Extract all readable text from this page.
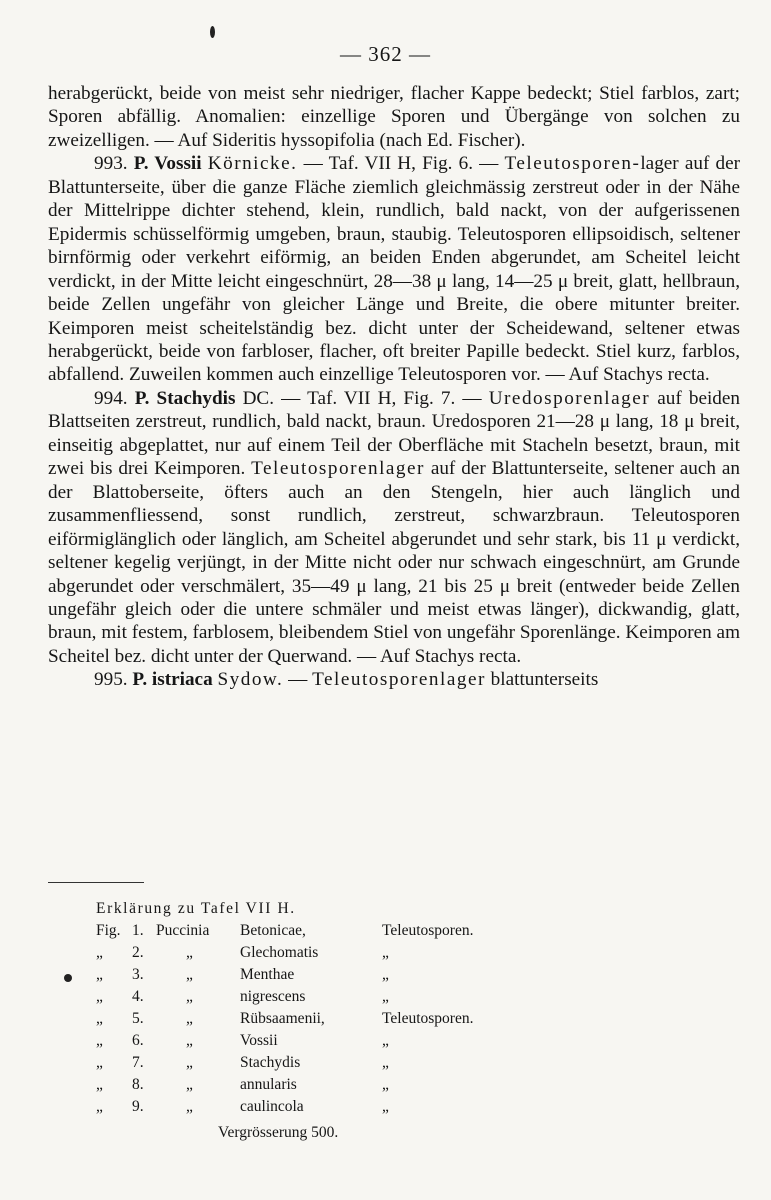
— 362 —

herabgerückt, beide von meist sehr niedriger, flacher Kappe bedeckt; Stiel farblos, zart; Sporen abfällig. Anomalien: einzellige Sporen und Übergänge von solchen zu zweizelligen. — Auf Sideritis hyssopifolia (nach Ed. Fischer).

993. P. Vossii Körnicke. — Taf. VII H, Fig. 6. — Teleutosporen-lager auf der Blattunterseite, über die ganze Fläche ziemlich gleichmässig zerstreut oder in der Nähe der Mittelrippe dichter stehend, klein, rundlich, bald nackt, von der aufgerissenen Epidermis schüsselförmig umgeben, braun, staubig. Teleutosporen ellipsoidisch, seltener birnförmig oder verkehrt eiförmig, an beiden Enden abgerundet, am Scheitel leicht verdickt, in der Mitte leicht eingeschnürt, 28—38 μ lang, 14—25 μ breit, glatt, hellbraun, beide Zellen ungefähr von gleicher Länge und Breite, die obere mitunter breiter. Keimporen meist scheitelständig bez. dicht unter der Scheidewand, seltener etwas herabgerückt, beide von farbloser, flacher, oft breiter Papille bedeckt. Stiel kurz, farblos, abfallend. Zuweilen kommen auch einzellige Teleutosporen vor. — Auf Stachys recta.

994. P. Stachydis DC. — Taf. VII H, Fig. 7. — Uredosporenlager auf beiden Blattseiten zerstreut, rundlich, bald nackt, braun. Uredosporen 21—28 μ lang, 18 μ breit, einseitig abgeplattet, nur auf einem Teil der Oberfläche mit Stacheln besetzt, braun, mit zwei bis drei Keimporen. Teleutosporenlager auf der Blattunterseite, seltener auch an der Blattoberseite, öfters auch an den Stengeln, hier auch länglich und zusammenfliessend, sonst rundlich, zerstreut, schwarzbraun. Teleutosporen eiförmiglänglich oder länglich, am Scheitel abgerundet und sehr stark, bis 11 μ verdickt, seltener kegelig verjüngt, in der Mitte nicht oder nur schwach eingeschnürt, am Grunde abgerundet oder verschmälert, 35—49 μ lang, 21 bis 25 μ breit (entweder beide Zellen ungefähr gleich oder die untere schmäler und meist etwas länger), dickwandig, glatt, braun, mit festem, farblosem, bleibendem Stiel von ungefähr Sporenlänge. Keimporen am Scheitel bez. dicht unter der Querwand. — Auf Stachys recta.

995. P. istriaca Sydow. — Teleutosporenlager blattunterseits

Erklärung zu Tafel VII H.
Fig. 1. Puccinia Betonicae,	Teleutosporen.
„ 2.	„	Glechomatis	„
„ 3.	„	Menthae	„
„ 4.	„	nigrescens	„
„ 5.	„	Rübsaamenii,	Teleutosporen.
„ 6.	„	Vossii	„
„ 7.	„	Stachydis	„
„ 8.	„	annularis	„
„ 9.	„	caulincola	„
Vergrösserung 500.
